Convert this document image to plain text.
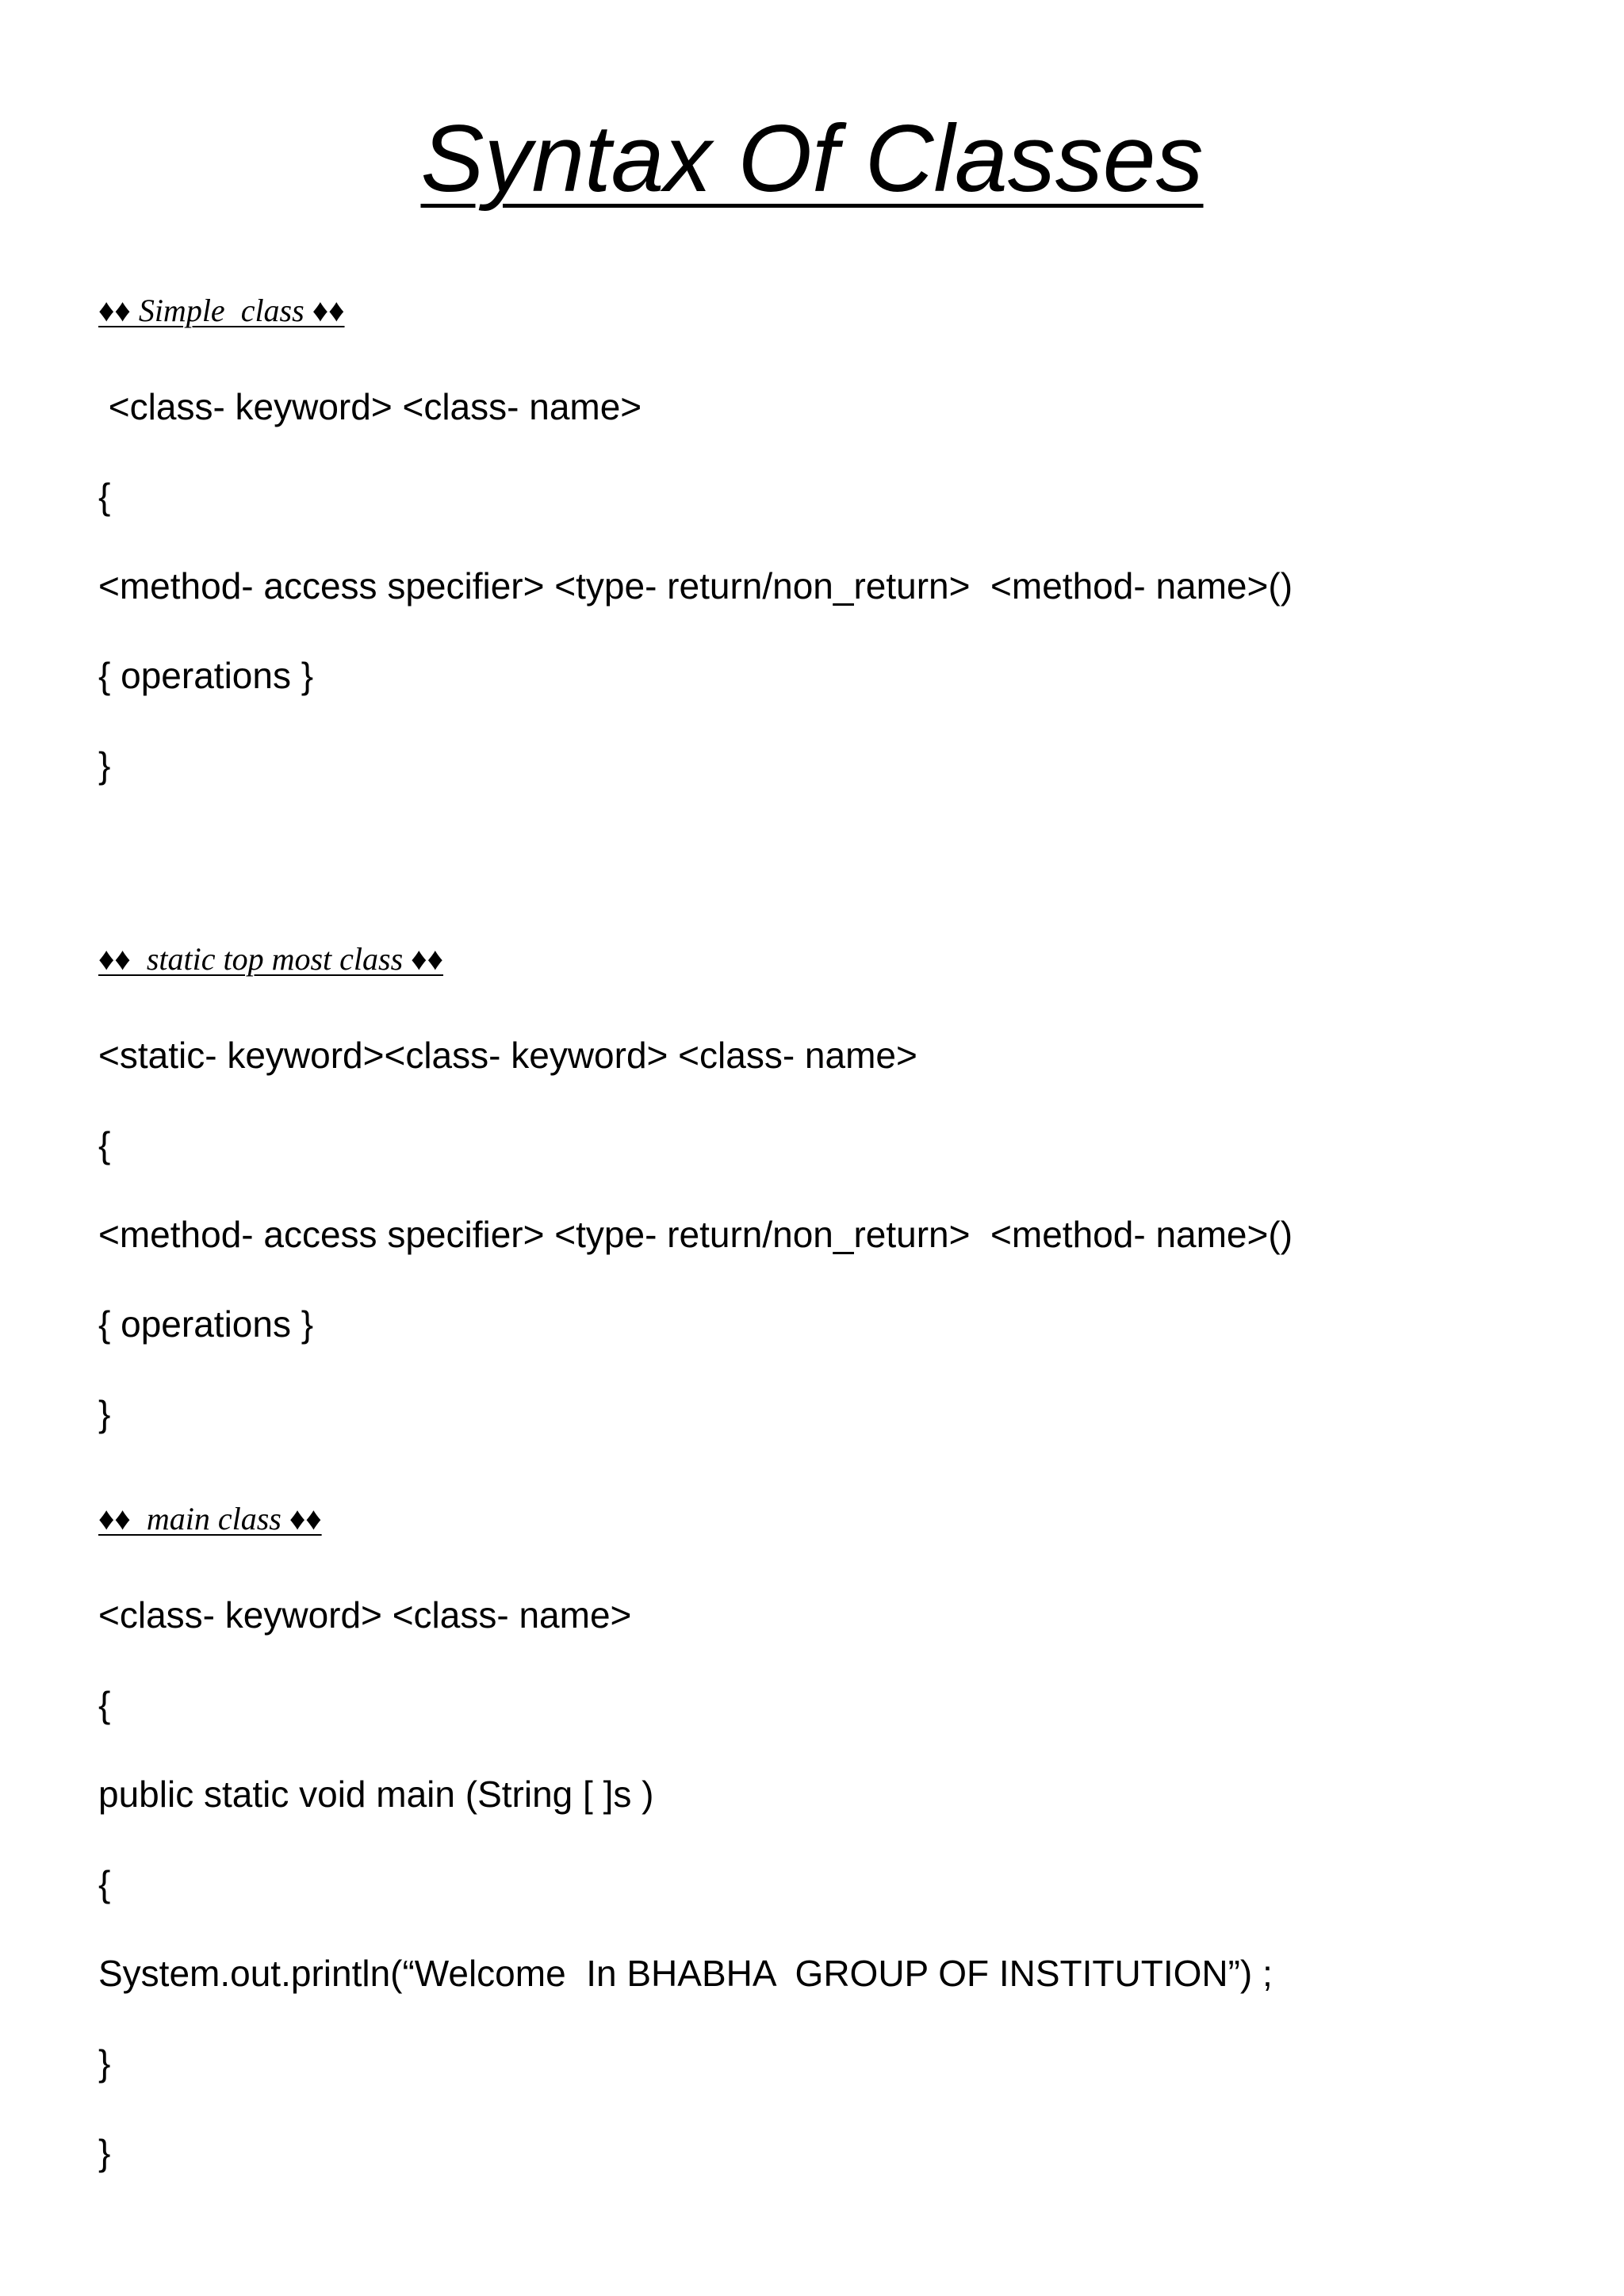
Syntax Of Classes
♦♦ Simple  class ♦♦
<class- keyword> <class- name>
{
<method- access specifier> <type- return/non_return>  <method- name>()
{ operations }
}
♦♦  static top most class ♦♦
<static- keyword><class- keyword> <class- name>
{
<method- access specifier> <type- return/non_return>  <method- name>()
{ operations }
}
♦♦  main class ♦♦
<class- keyword> <class- name>
{
public static void main (String [ ]s )
{
System.out.println(“Welcome  In BHABHA  GROUP OF INSTITUTION”) ;
}
}
